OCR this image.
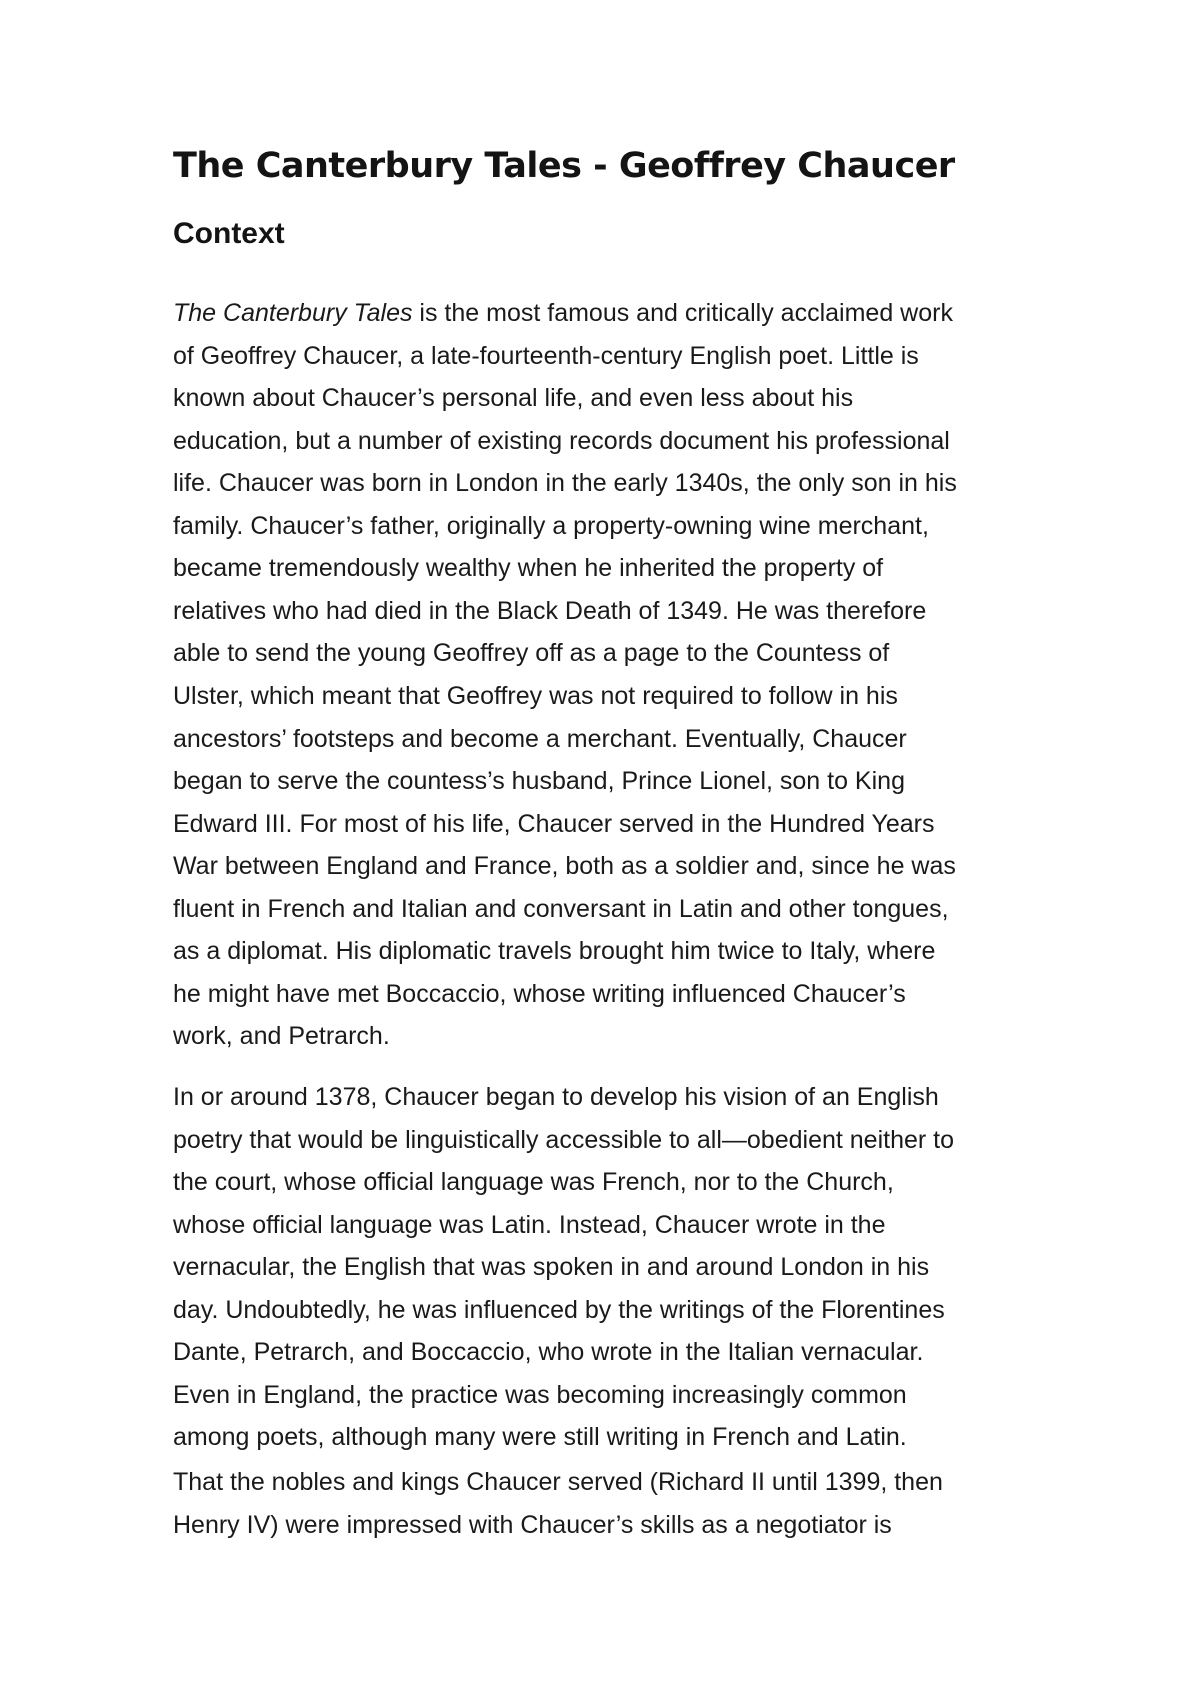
The Canterbury Tales - Geoffrey Chaucer
Context

The Canterbury Tales is the most famous and critically acclaimed work

of Geoffrey Chaucer, a late-fourteenth-century English poet. Little is

known about Chaucer’s personal life, and even less about his

education, but a number of existing records document his professional

life. Chaucer was born in London in the early 1340s, the only son in his

family. Chaucer’s father, originally a property-owning wine merchant,

became tremendously wealthy when he inherited the property of

relatives who had died in the Black Death of 1349. He was therefore

able to send the young Geoffrey off as a page to the Countess of

Ulster, which meant that Geoffrey was not required to follow in his

ancestors’ footsteps and become a merchant. Eventually, Chaucer

began to serve the countess’s husband, Prince Lionel, son to King

Edward III. For most of his life, Chaucer served in the Hundred Years

War between England and France, both as a soldier and, since he was

fluent in French and Italian and conversant in Latin and other tongues,

as a diplomat. His diplomatic travels brought him twice to Italy, where

he might have met Boccaccio, whose writing influenced Chaucer’s

work, and Petrarch.

In or around 1378, Chaucer began to develop his vision of an English

poetry that would be linguistically accessible to all—obedient neither to

the court, whose official language was French, nor to the Church,

whose official language was Latin. Instead, Chaucer wrote in the

vernacular, the English that was spoken in and around London in his

day. Undoubtedly, he was influenced by the writings of the Florentines

Dante, Petrarch, and Boccaccio, who wrote in the Italian vernacular.

Even in England, the practice was becoming increasingly common

among poets, although many were still writing in French and Latin.

That the nobles and kings Chaucer served (Richard II until 1399, then

Henry IV) were impressed with Chaucer’s skills as a negotiator is
